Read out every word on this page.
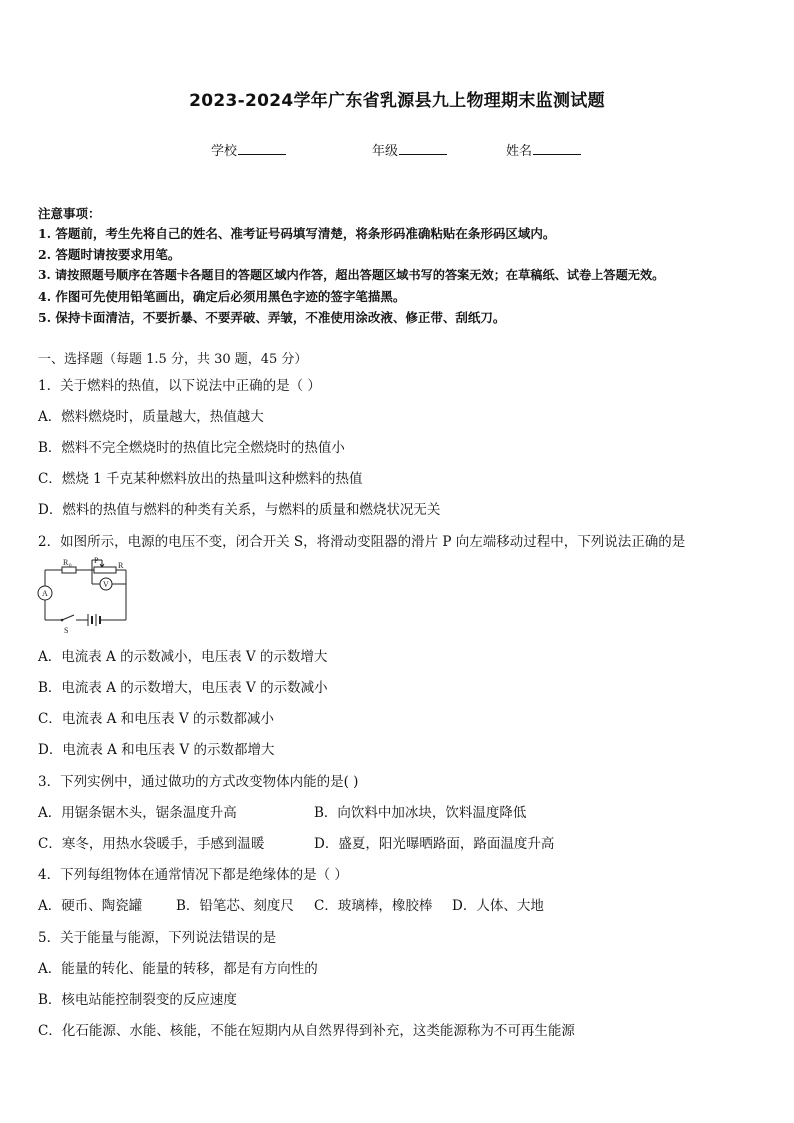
2023-2024学年广东省乳源县九上物理期末监测试题
学校	年级	姓名
注意事项：
1. 答题前，考生先将自己的姓名、准考证号码填写清楚，将条形码准确粘贴在条形码区域内。
2. 答题时请按要求用笔。
3. 请按照题号顺序在答题卡各题目的答题区域内作答，超出答题区域书写的答案无效；在草稿纸、试卷上答题无效。
4. 作图可先使用铅笔画出，确定后必须用黑色字迹的签字笔描黑。
5. 保持卡面清洁，不要折暴、不要弄破、弄皱，不准使用涂改液、修正带、刮纸刀。
一、选择题（每题 1.5 分，共 30 题，45 分）
1．关于燃料的热值，以下说法中正确的是（ ）
A．燃料燃烧时，质量越大，热值越大
B．燃料不完全燃烧时的热值比完全燃烧时的热值小
C．燃烧 1 千克某种燃料放出的热量叫这种燃料的热值
D．燃料的热值与燃料的种类有关系，与燃料的质量和燃烧状况无关
2．如图所示，电源的电压不变，闭合开关 S，将滑动变阻器的滑片 P 向左端移动过程中，下列说法正确的是
R 0
P
R
V
A
S
A．电流表 A 的示数减小，电压表 V 的示数增大
B．电流表 A 的示数增大，电压表 V 的示数减小
C．电流表 A 和电压表 V 的示数都减小
D．电流表 A 和电压表 V 的示数都增大
3．下列实例中，通过做功的方式改变物体内能的是( )
A．用锯条锯木头，锯条温度升高	B．向饮料中加冰块，饮料温度降低
C．寒冬，用热水袋暖手，手感到温暖	D．盛夏，阳光曝晒路面，路面温度升高
4．下列每组物体在通常情况下都是绝缘体的是（ ）
A．硬币、陶瓷罐	B．铅笔芯、刻度尺 C．玻璃棒，橡胶棒 D．人体、大地
5．关于能量与能源，下列说法错误的是
A．能量的转化、能量的转移，都是有方向性的
B．核电站能控制裂变的反应速度
C．化石能源、水能、核能，不能在短期内从自然界得到补充，这类能源称为不可再生能源
